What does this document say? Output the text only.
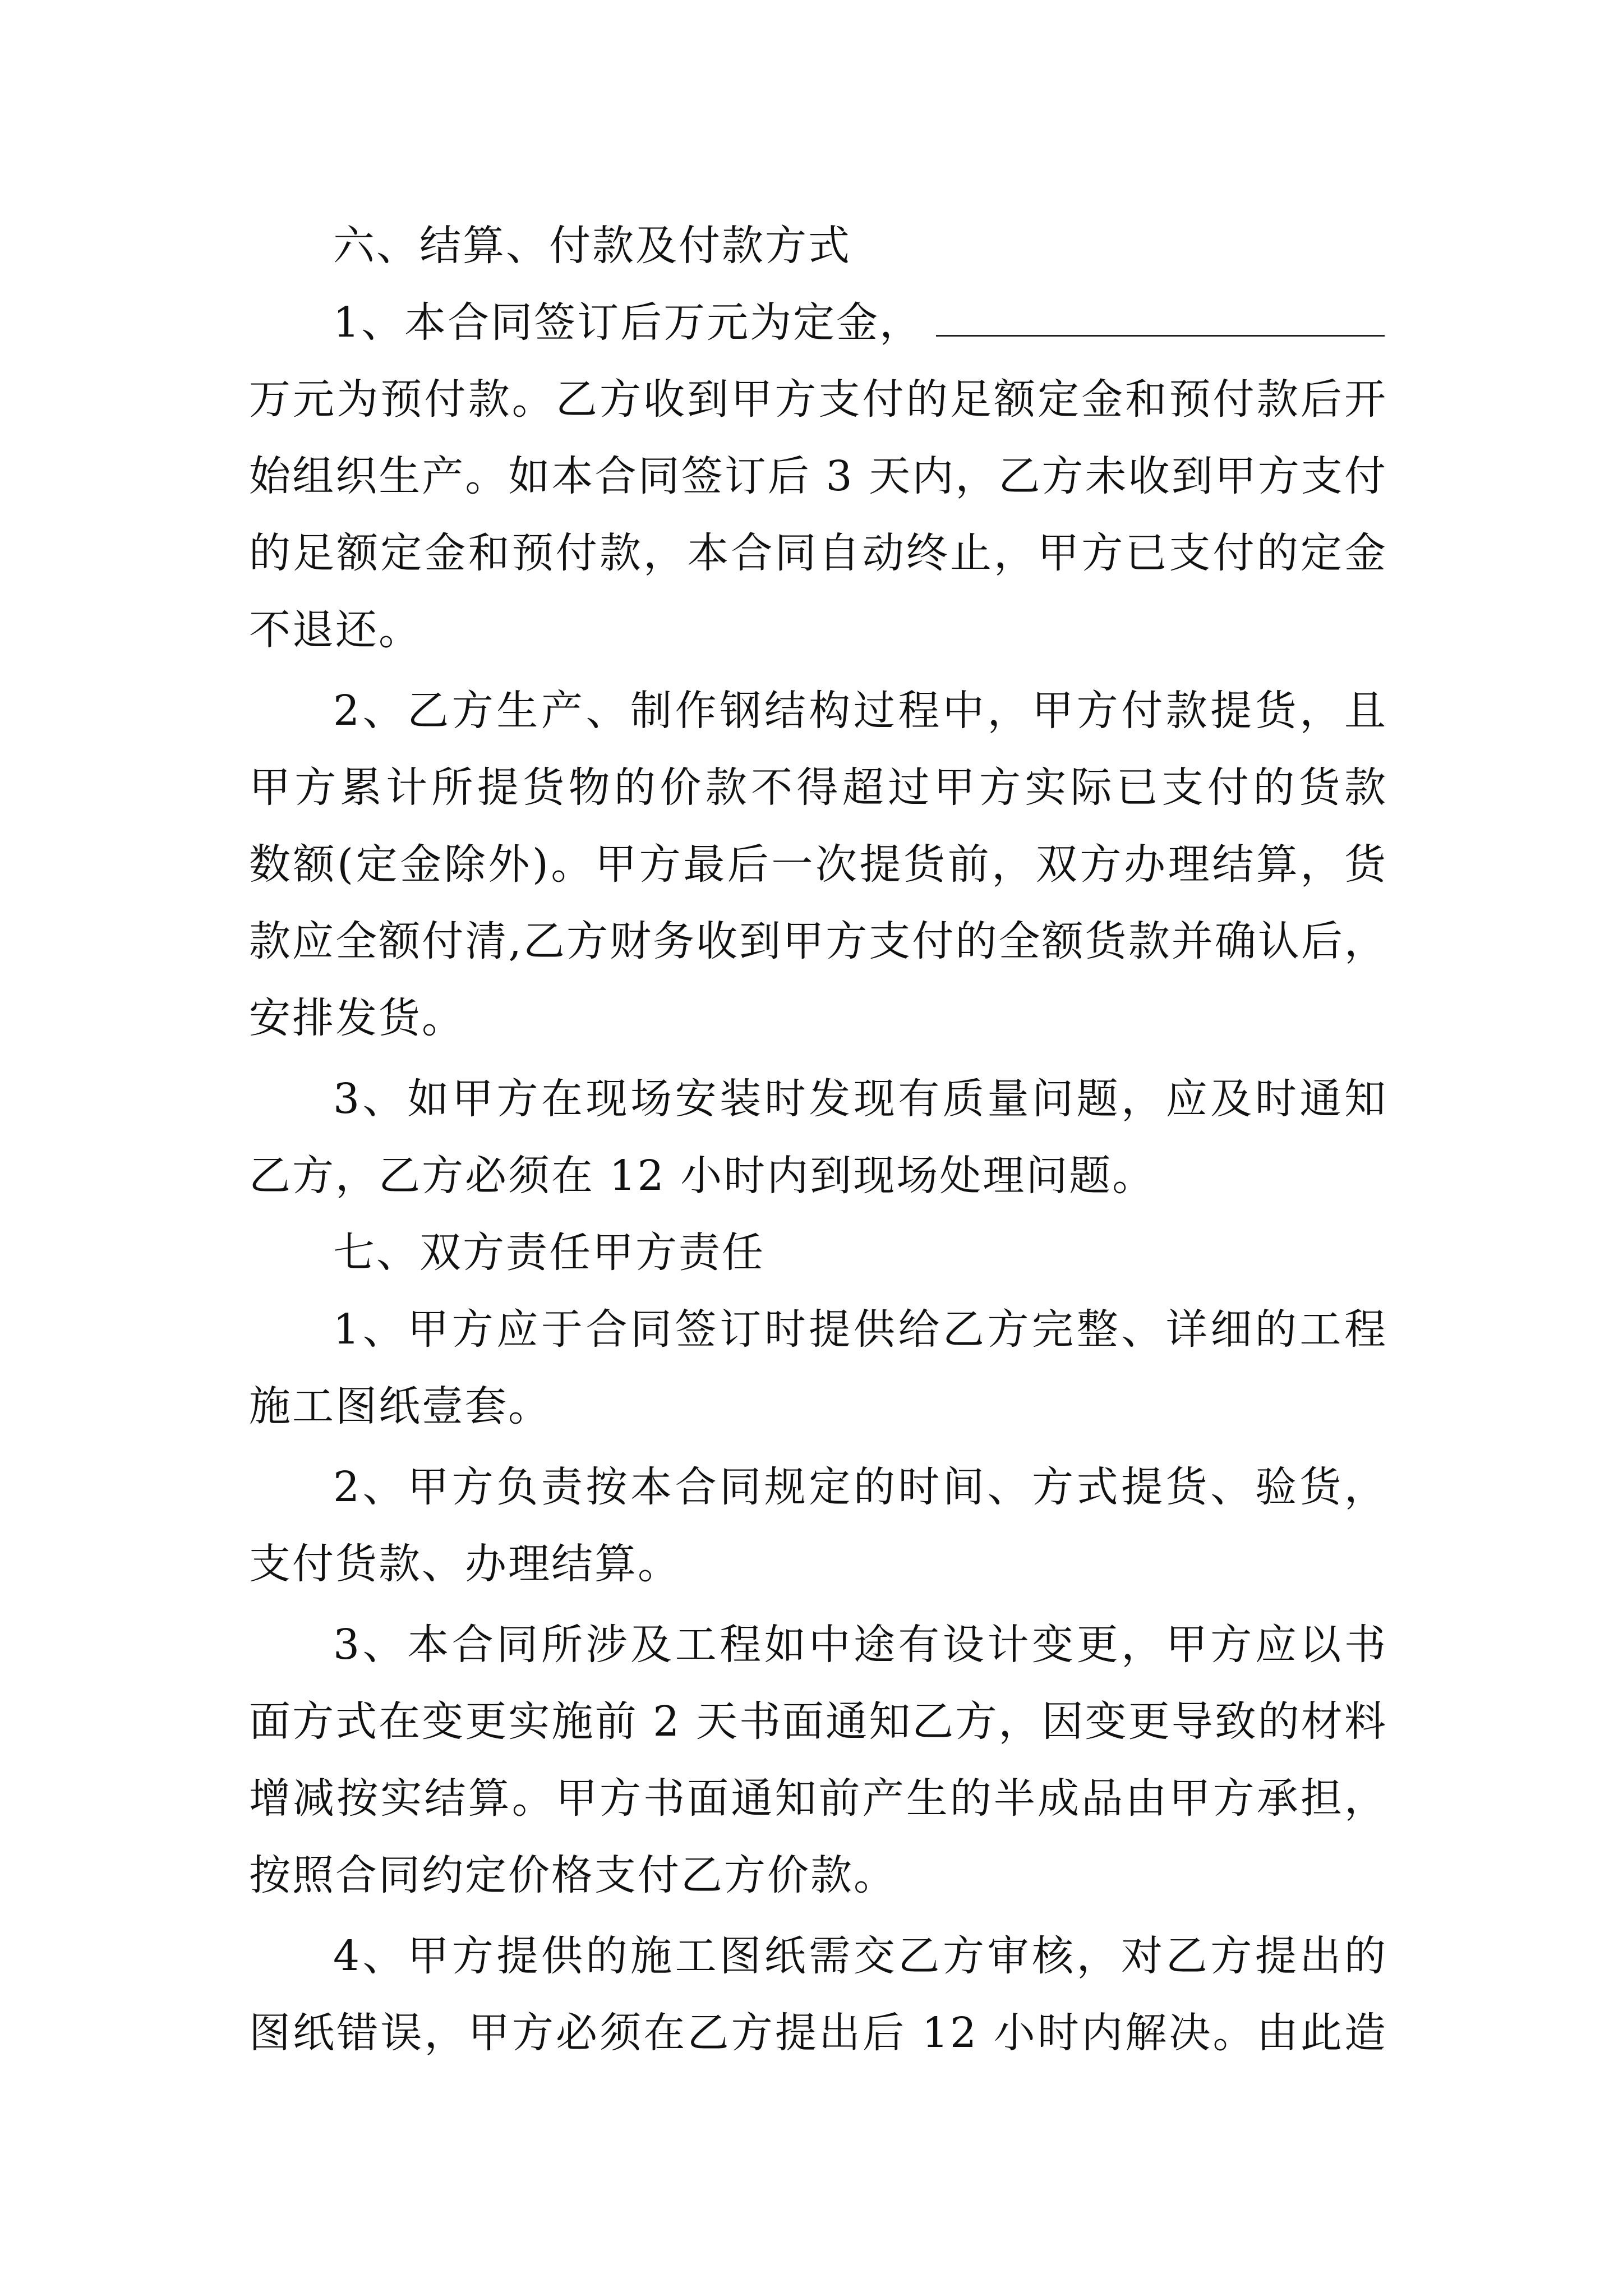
六、结算、付款及付款方式
1、本合同签订后万元为定金，
万元为预付款。乙方收到甲方支付的足额定金和预付款后开
始组织生产。如本合同签订后 3 天内，乙方未收到甲方支付
的足额定金和预付款，本合同自动终止，甲方已支付的定金
不退还。
2、乙方生产、制作钢结构过程中，甲方付款提货，且
甲方累计所提货物的价款不得超过甲方实际已支付的货款
数额(定金除外)。甲方最后一次提货前，双方办理结算，货
款应全额付清,乙方财务收到甲方支付的全额货款并确认后，
安排发货。
3、如甲方在现场安装时发现有质量问题，应及时通知
乙方，乙方必须在 12 小时内到现场处理问题。
七、双方责任甲方责任
1、甲方应于合同签订时提供给乙方完整、详细的工程
施工图纸壹套。
2、甲方负责按本合同规定的时间、方式提货、验货，
支付货款、办理结算。
3、本合同所涉及工程如中途有设计变更，甲方应以书
面方式在变更实施前 2 天书面通知乙方，因变更导致的材料
增减按实结算。甲方书面通知前产生的半成品由甲方承担，
按照合同约定价格支付乙方价款。
4、甲方提供的施工图纸需交乙方审核，对乙方提出的
图纸错误，甲方必须在乙方提出后 12 小时内解决。由此造
